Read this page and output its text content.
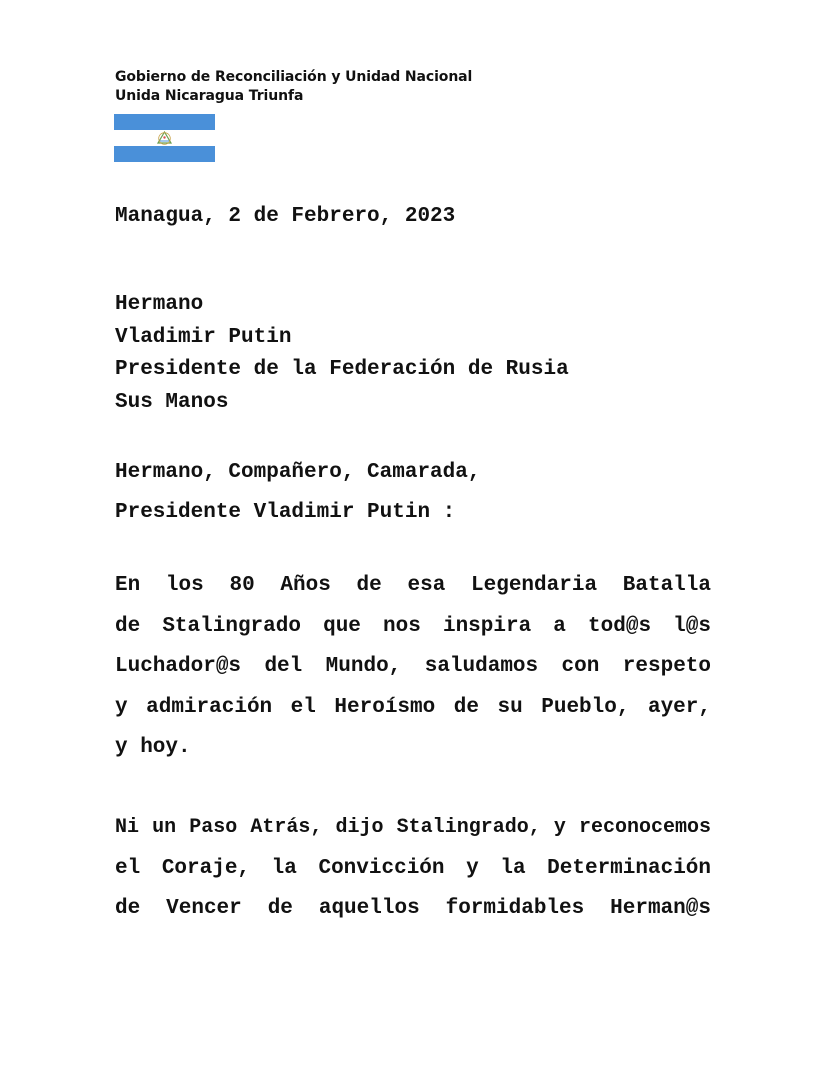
Gobierno de Reconciliación y Unidad Nacional
Unida Nicaragua Triunfa
Managua, 2 de Febrero, 2023
Hermano
Vladimir Putin
Presidente de la Federación de Rusia
Sus Manos
Hermano, Compañero, Camarada,
Presidente Vladimir Putin :
En los 80 Años de esa Legendaria Batalla
de Stalingrado que nos inspira a tod@s l@s
Luchador@s del Mundo, saludamos con respeto
y admiración el Heroísmo de su Pueblo, ayer,
y hoy.
Ni un Paso Atrás, dijo Stalingrado, y reconocemos
el Coraje, la Convicción y la Determinación
de Vencer de aquellos formidables Herman@s
